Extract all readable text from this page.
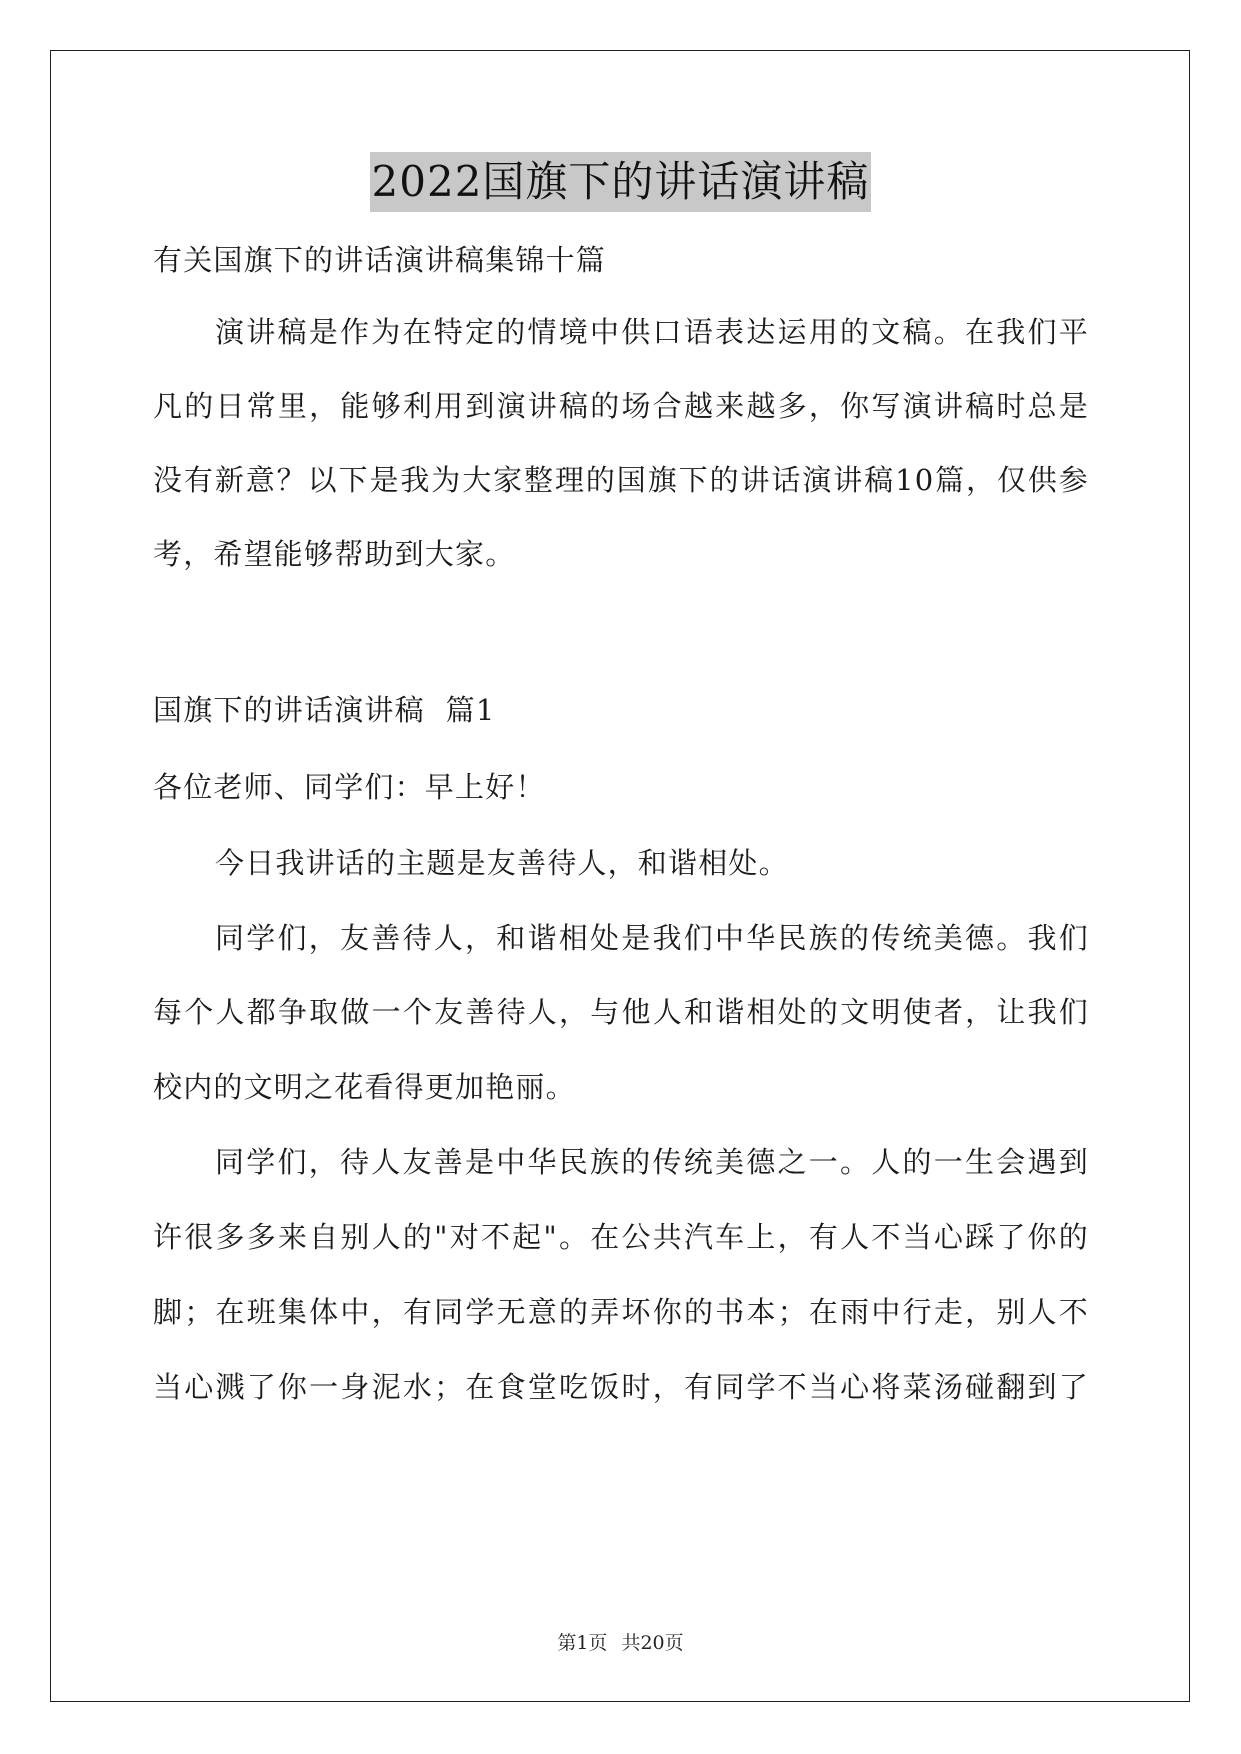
2022国旗下的讲话演讲稿
有关国旗下的讲话演讲稿集锦十篇
演讲稿是作为在特定的情境中供口语表达运用的文稿。在我们平
凡的日常里，能够利用到演讲稿的场合越来越多，你写演讲稿时总是
没有新意？以下是我为大家整理的国旗下的讲话演讲稿10篇，仅供参
考，希望能够帮助到大家。
国旗下的讲话演讲稿  篇1
各位老师、同学们：早上好！
今日我讲话的主题是友善待人，和谐相处。
同学们，友善待人，和谐相处是我们中华民族的传统美德。我们
每个人都争取做一个友善待人，与他人和谐相处的文明使者，让我们
校内的文明之花看得更加艳丽。
同学们，待人友善是中华民族的传统美德之一。人的一生会遇到
许很多多来自别人的"对不起"。在公共汽车上，有人不当心踩了你的
脚；在班集体中，有同学无意的弄坏你的书本；在雨中行走，别人不
当心溅了你一身泥水；在食堂吃饭时，有同学不当心将菜汤碰翻到了
第1页 共20页
